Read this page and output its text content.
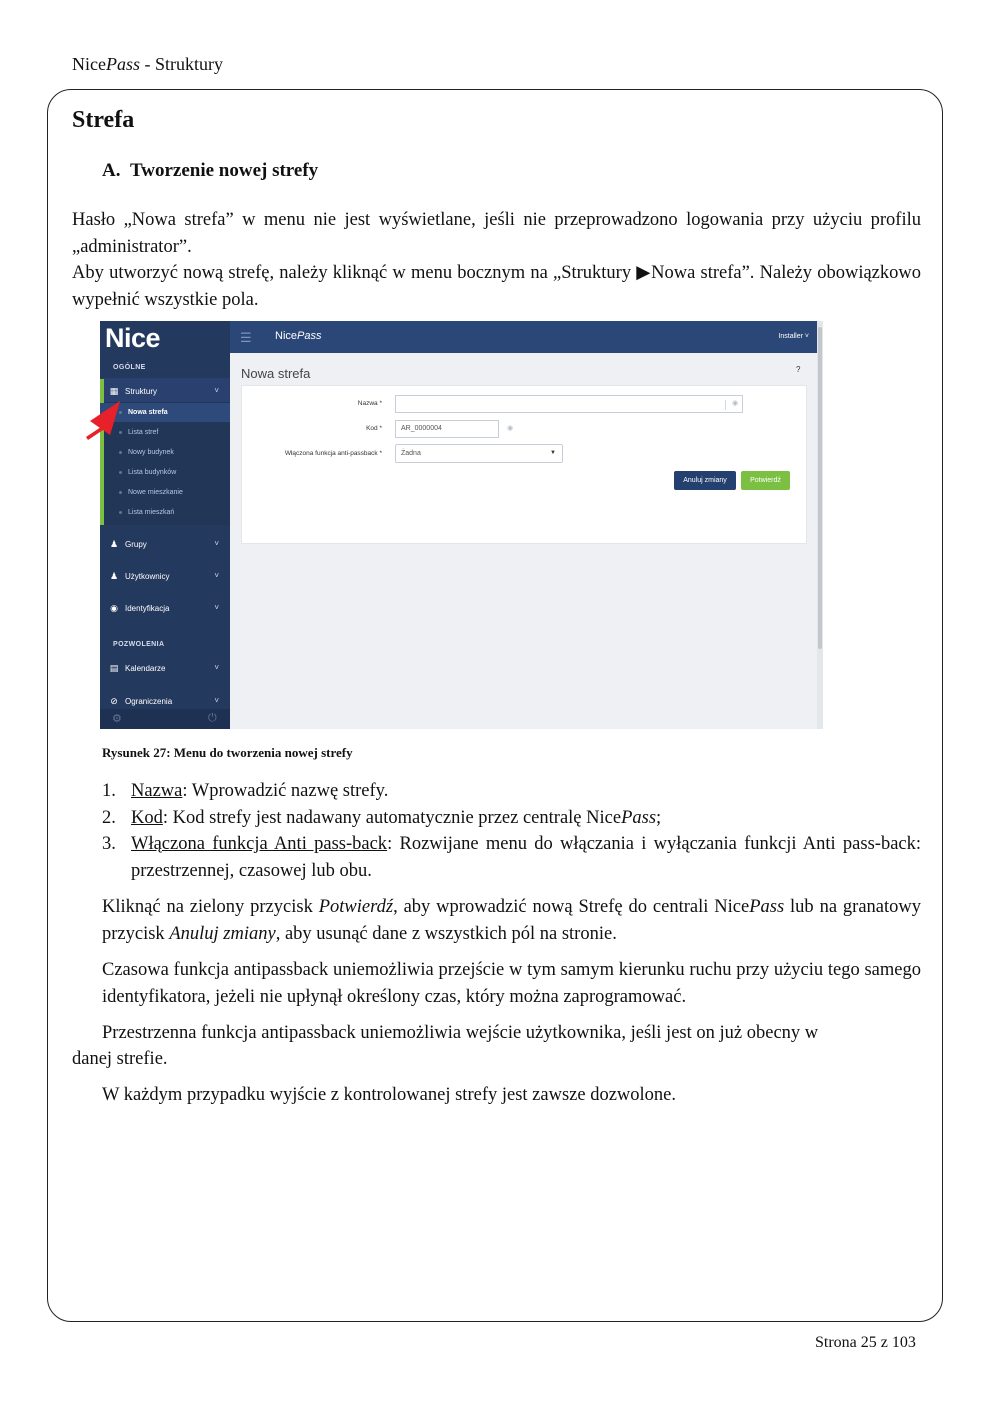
NicePass - Struktury
Strefa
A.  Tworzenie nowej strefy

Hasło „Nowa strefa” w menu nie jest wyświetlane, jeśli nie przeprowadzono logowania przy użyciu profilu „administrator”.

Aby utworzyć nową strefę, należy kliknąć w menu bocznym na „Struktury ▶Nowa strefa”. Należy obowiązkowo wypełnić wszystkie pola.

Nice
OGÓLNE
▦ Struktury	˅
Nowa strefa
Lista stref
Nowy budynek
Lista budynków
Nowe mieszkanie
Lista mieszkań
♟ Grupy	˅
♟ Użytkownicy	˅
◉ Identyfikacja	˅
POZWOLENIA
▤ Kalendarze	˅
⊘ Ograniczenia	˅
⚙	⏻
☰ NicePass	Installer ˅
Nowa strefa	?
Nazwa *	◉
Kod *	AR_0000004	◉
Włączona funkcja anti-passback *	Żadna	▼
Anuluj zmiany	Potwierdź
Rysunek 27: Menu do tworzenia nowej strefy
1. Nazwa: Wprowadzić nazwę strefy.
2. Kod: Kod strefy jest nadawany automatycznie przez centralę NicePass;
3. Włączona funkcja Anti pass-back: Rozwijane menu do włączania i wyłączania funkcji Anti pass-back: przestrzennej, czasowej lub obu.

Kliknąć na zielony przycisk Potwierdź, aby wprowadzić nową Strefę do centrali NicePass lub na granatowy przycisk Anuluj zmiany, aby usunąć dane z wszystkich pól na stronie.

Czasowa funkcja antipassback uniemożliwia przejście w tym samym kierunku ruchu przy użyciu tego samego identyfikatora, jeżeli nie upłynął określony czas, który można zaprogramować.

Przestrzenna funkcja antipassback uniemożliwia wejście użytkownika, jeśli jest on już obecny w

danej strefie.

W każdym przypadku wyjście z kontrolowanej strefy jest zawsze dozwolone.

Strona 25 z 103
